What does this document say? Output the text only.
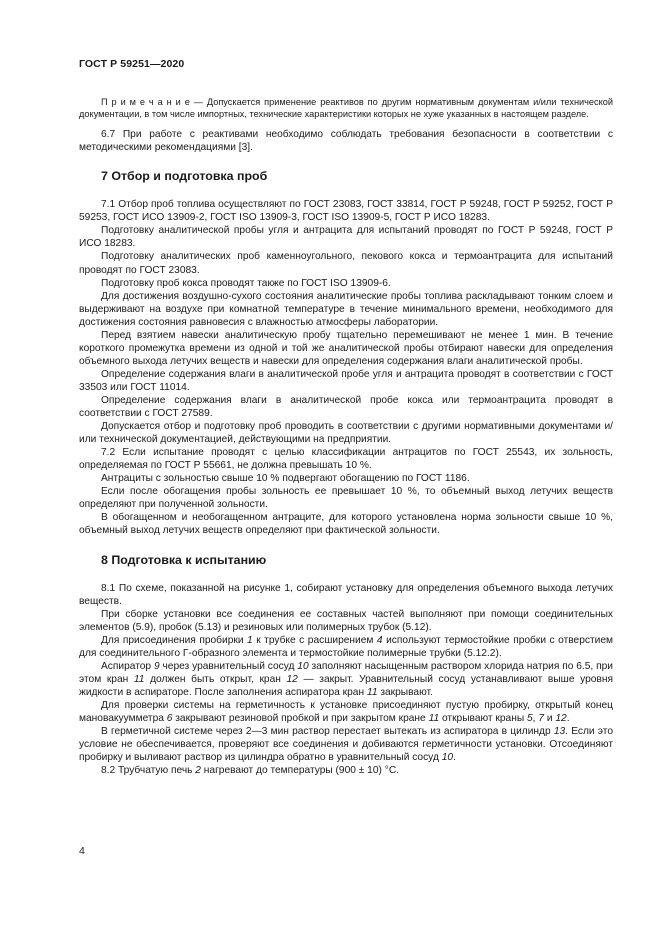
ГОСТ Р 59251—2020

П р и м е ч а н и е — Допускается применение реактивов по другим нормативным документам и/или технической документации, в том числе импортных, технические характеристики которых не хуже указанных в настоящем разделе.

6.7 При работе с реактивами необходимо соблюдать требования безопасности в соответствии с методическими рекомендациями [3].

7 Отбор и подготовка проб

7.1 Отбор проб топлива осуществляют по ГОСТ 23083, ГОСТ 33814, ГОСТ Р 59248, ГОСТ Р 59252, ГОСТ Р 59253, ГОСТ ИСО 13909-2, ГОСТ ISO 13909-3, ГОСТ ISO 13909-5, ГОСТ Р ИСО 18283.

Подготовку аналитической пробы угля и антрацита для испытаний проводят по ГОСТ Р 59248, ГОСТ Р ИСО 18283.

Подготовку аналитических проб каменноугольного, пекового кокса и термоантрацита для испытаний проводят по ГОСТ 23083.

Подготовку проб кокса проводят также по ГОСТ ISO 13909-6.

Для достижения воздушно-сухого состояния аналитические пробы топлива раскладывают тонким слоем и выдерживают на воздухе при комнатной температуре в течение минимального времени, необходимого для достижения состояния равновесия с влажностью атмосферы лаборатории.

Перед взятием навески аналитическую пробу тщательно перемешивают не менее 1 мин. В течение короткого промежутка времени из одной и той же аналитической пробы отбирают навески для определения объемного выхода летучих веществ и навески для определения содержания влаги аналитической пробы.

Определение содержания влаги в аналитической пробе угля и антрацита проводят в соответствии с ГОСТ 33503 или ГОСТ 11014.

Определение содержания влаги в аналитической пробе кокса или термоантрацита проводят в соответствии с ГОСТ 27589.

Допускается отбор и подготовку проб проводить в соответствии с другими нормативными документами и/или технической документацией, действующими на предприятии.

7.2 Если испытание проводят с целью классификации антрацитов по ГОСТ 25543, их зольность, определяемая по ГОСТ Р 55661, не должна превышать 10 %.

Антрациты с зольностью свыше 10 % подвергают обогащению по ГОСТ 1186.

Если после обогащения пробы зольность ее превышает 10 %, то объемный выход летучих веществ определяют при полученной зольности.

В обогащенном и необогащенном антраците, для которого установлена норма зольности свыше 10 %, объемный выход летучих веществ определяют при фактической зольности.

8 Подготовка к испытанию

8.1 По схеме, показанной на рисунке 1, собирают установку для определения объемного выхода летучих веществ.

При сборке установки все соединения ее составных частей выполняют при помощи соединительных элементов (5.9), пробок (5.13) и резиновых или полимерных трубок (5.12).

Для присоединения пробирки 1 к трубке с расширением 4 используют термостойкие пробки с отверстием для соединительного Г-образного элемента и термостойкие полимерные трубки (5.12.2).

Аспиратор 9 через уравнительный сосуд 10 заполняют насыщенным раствором хлорида натрия по 6.5, при этом кран 11 должен быть открыт, кран 12 — закрыт. Уравнительный сосуд устанавливают выше уровня жидкости в аспираторе. После заполнения аспиратора кран 11 закрывают.

Для проверки системы на герметичность к установке присоединяют пустую пробирку, открытый конец мановакуумметра 6 закрывают резиновой пробкой и при закрытом кране 11 открывают краны 5, 7 и 12.

В герметичной системе через 2—3 мин раствор перестает вытекать из аспиратора в цилиндр 13. Если это условие не обеспечивается, проверяют все соединения и добиваются герметичности установки. Отсоединяют пробирку и выливают раствор из цилиндра обратно в уравнительный сосуд 10.

8.2 Трубчатую печь 2 нагревают до температуры (900 ± 10) °С.

4
